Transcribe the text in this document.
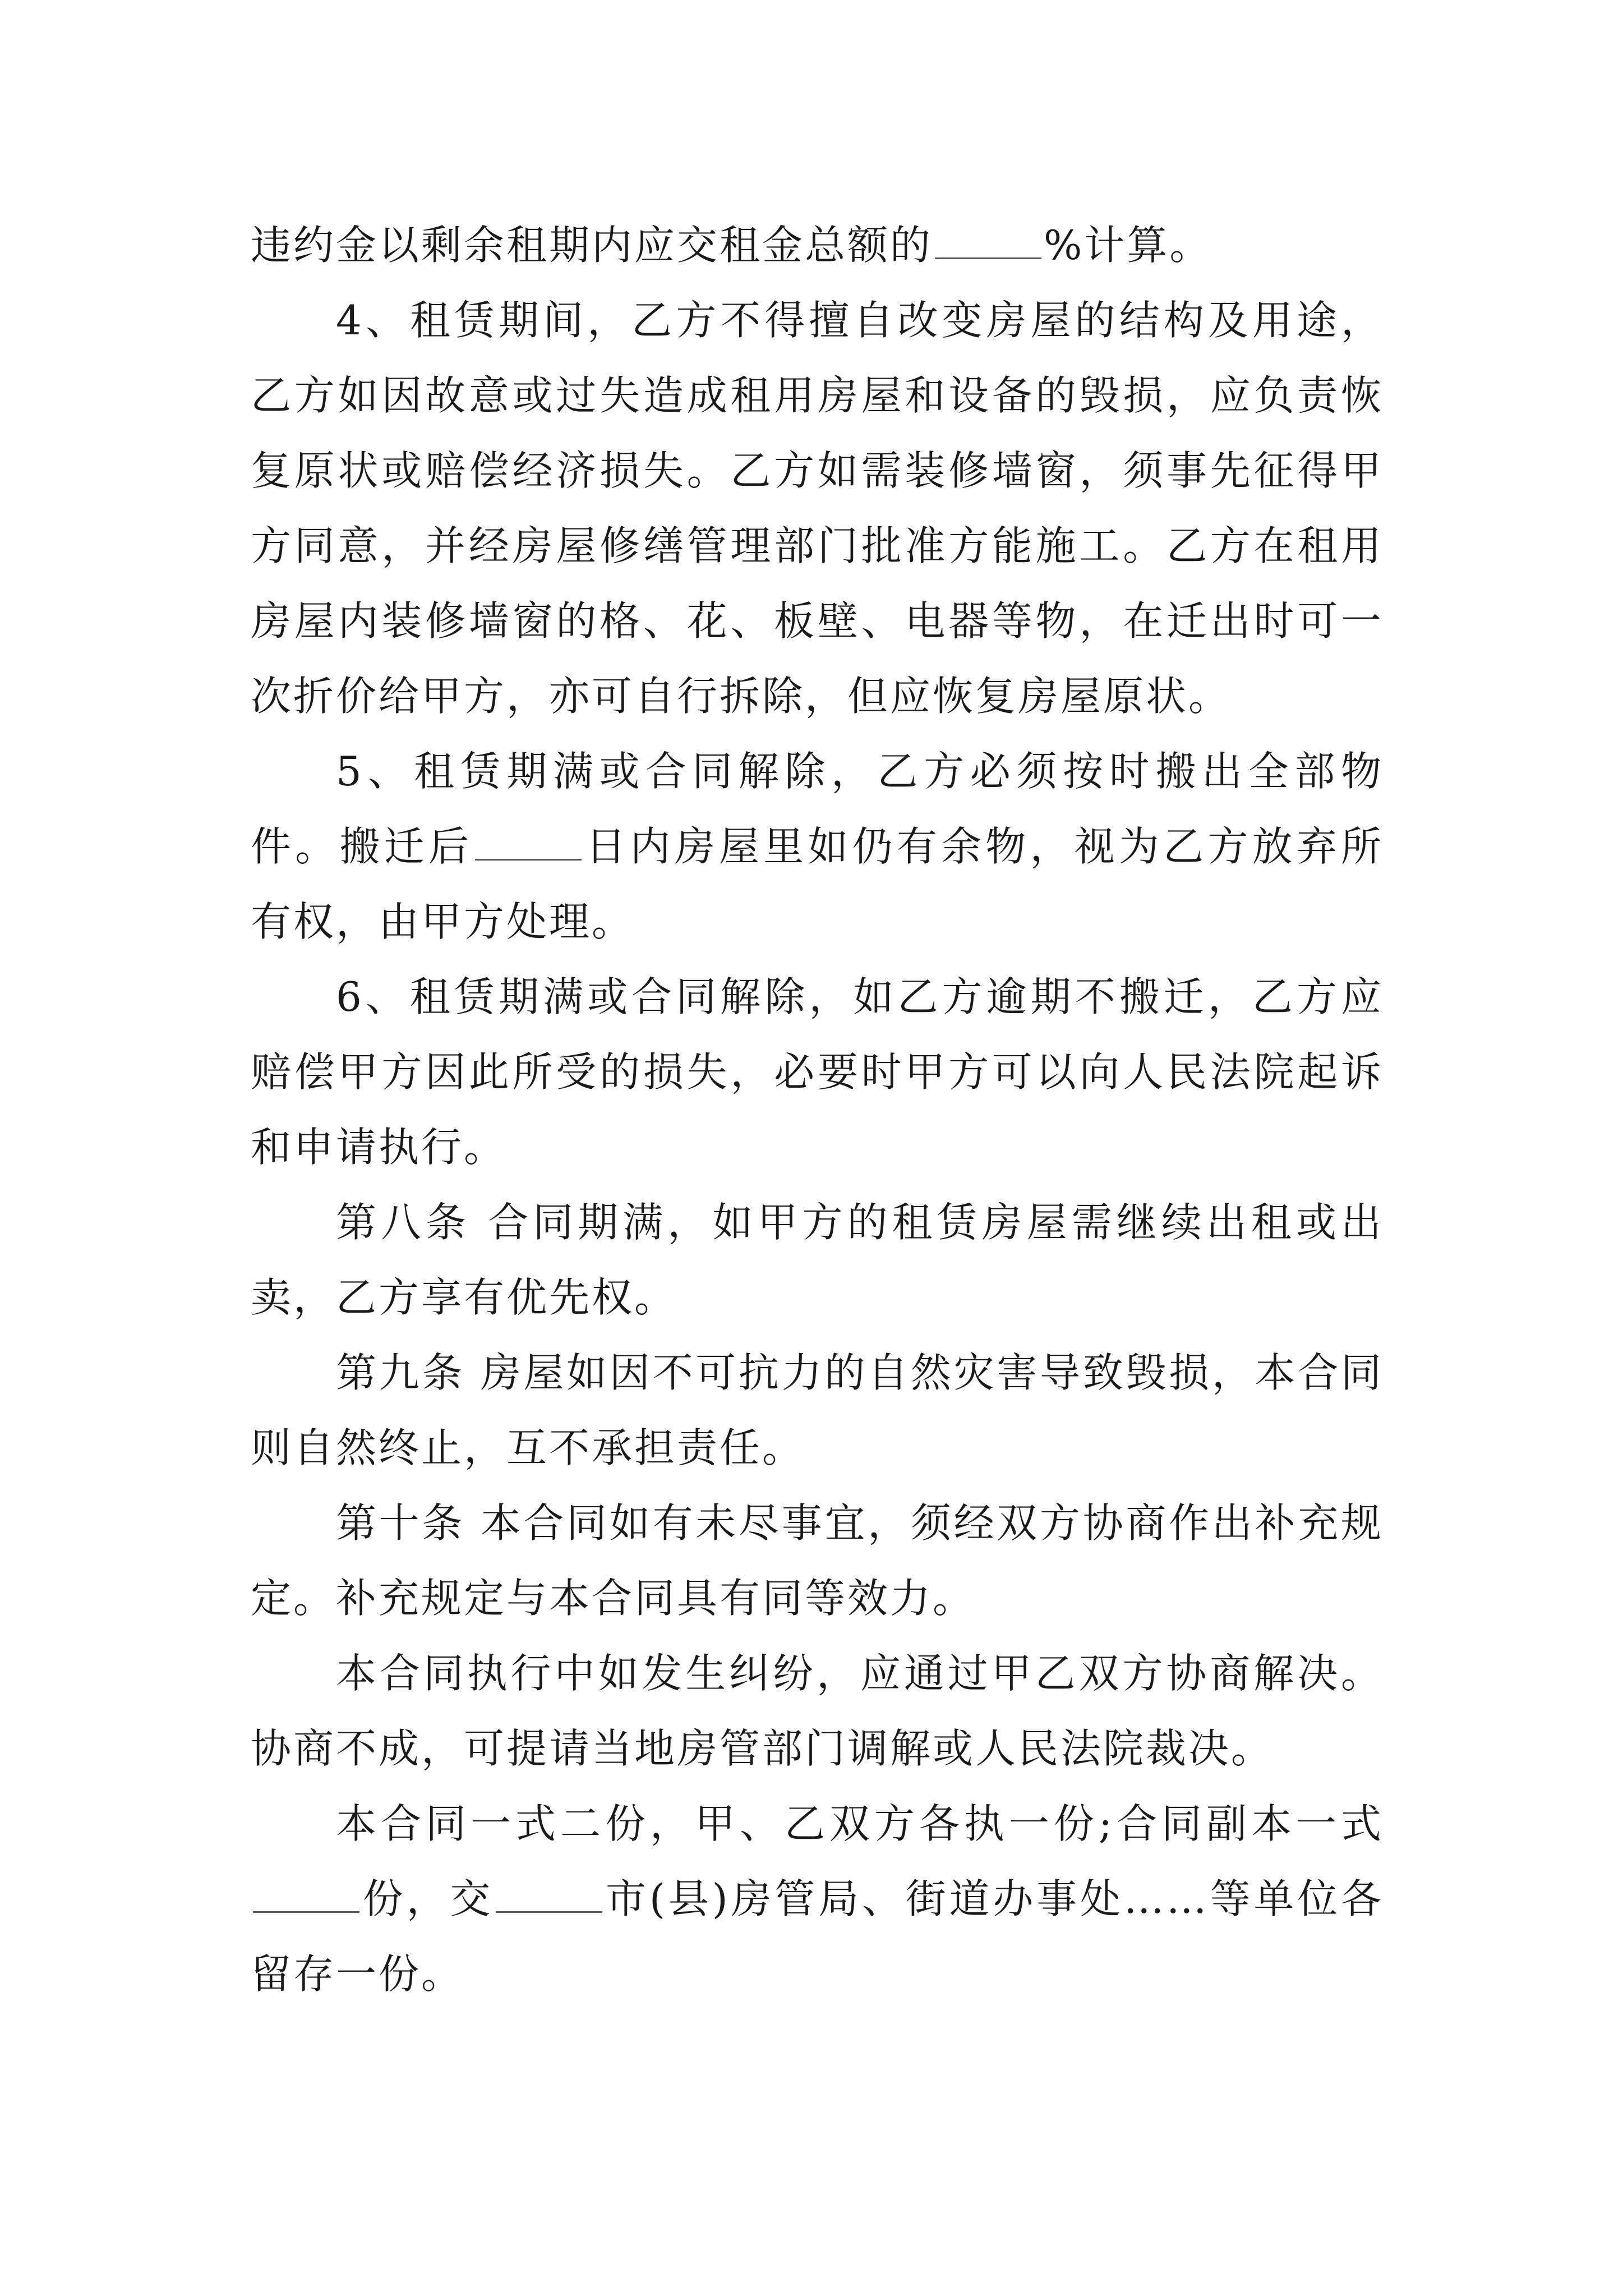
违约金以剩余租期内应交租金总额的	%计算。

4、租赁期间，乙方不得擅自改变房屋的结构及用途，乙方如因故意或过失造成租用房屋和设备的毁损，应负责恢复原状或赔偿经济损失。乙方如需装修墙窗，须事先征得甲方同意，并经房屋修缮管理部门批准方能施工。乙方在租用房屋内装修墙窗的格、花、板壁、电器等物，在迁出时可一次折价给甲方，亦可自行拆除，但应恢复房屋原状。

5、租赁期满或合同解除，乙方必须按时搬出全部物件。搬迁后	日内房屋里如仍有余物，视为乙方放弃所有权，由甲方处理。

6、租赁期满或合同解除，如乙方逾期不搬迁，乙方应赔偿甲方因此所受的损失，必要时甲方可以向人民法院起诉和申请执行。

第八条 合同期满，如甲方的租赁房屋需继续出租或出卖，乙方享有优先权。

第九条 房屋如因不可抗力的自然灾害导致毁损，本合同则自然终止，互不承担责任。

第十条 本合同如有未尽事宜，须经双方协商作出补充规定。补充规定与本合同具有同等效力。

本合同执行中如发生纠纷，应通过甲乙双方协商解决。协商不成，可提请当地房管部门调解或人民法院裁决。

本合同一式二份，甲、乙双方各执一份;合同副本一式份，交	市(县)房管局、街道办事处……等单位各留存一份。
